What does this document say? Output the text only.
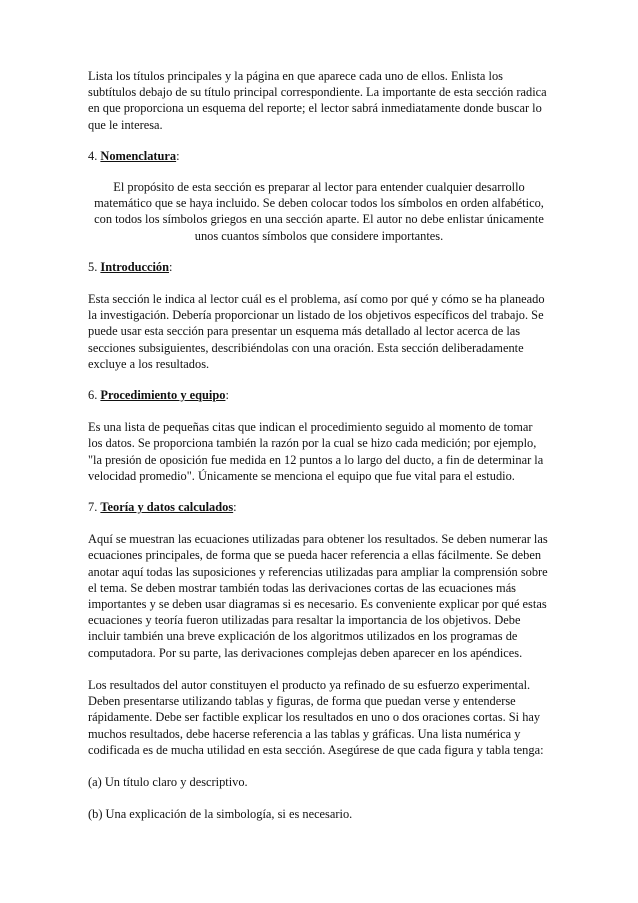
Lista los títulos principales y la página en que aparece cada uno de ellos. Enlista los subtítulos debajo de su título principal correspondiente. La importante de esta sección radica en que proporciona un esquema del reporte; el lector sabrá inmediatamente donde buscar lo que le interesa.

4. Nomenclatura:

El propósito de esta sección es preparar al lector para entender cualquier desarrollo matemático que se haya incluido. Se deben colocar todos los símbolos en orden alfabético, con todos los símbolos griegos en una sección aparte. El autor no debe enlistar únicamente unos cuantos símbolos que considere importantes.

5. Introducción:

Esta sección le indica al lector cuál es el problema, así como por qué y cómo se ha planeado la investigación. Debería proporcionar un listado de los objetivos específicos del trabajo. Se puede usar esta sección para presentar un esquema más detallado al lector acerca de las secciones subsiguientes, describiéndolas con una oración. Esta sección deliberadamente excluye a los resultados.

6. Procedimiento y equipo:

Es una lista de pequeñas citas que indican el procedimiento seguido al momento de tomar los datos. Se proporciona también la razón por la cual se hizo cada medición; por ejemplo, "la presión de oposición fue medida en 12 puntos a lo largo del ducto, a fin de determinar la velocidad promedio". Únicamente se menciona el equipo que fue vital para el estudio.

7. Teoría y datos calculados:

Aquí se muestran las ecuaciones utilizadas para obtener los resultados. Se deben numerar las ecuaciones principales, de forma que se pueda hacer referencia a ellas fácilmente. Se deben anotar aquí todas las suposiciones y referencias utilizadas para ampliar la comprensión sobre el tema. Se deben mostrar también todas las derivaciones cortas de las ecuaciones más importantes y se deben usar diagramas si es necesario. Es conveniente explicar por qué estas ecuaciones y teoría fueron utilizadas para resaltar la importancia de los objetivos. Debe incluir también una breve explicación de los algoritmos utilizados en los programas de computadora. Por su parte, las derivaciones complejas deben aparecer en los apéndices.

Los resultados del autor constituyen el producto ya refinado de su esfuerzo experimental. Deben presentarse utilizando tablas y figuras, de forma que puedan verse y entenderse rápidamente. Debe ser factible explicar los resultados en uno o dos oraciones cortas. Si hay muchos resultados, debe hacerse referencia a las tablas y gráficas. Una lista numérica y codificada es de mucha utilidad en esta sección. Asegúrese de que cada figura y tabla tenga:

(a) Un título claro y descriptivo.

(b) Una explicación de la simbología, si es necesario.
